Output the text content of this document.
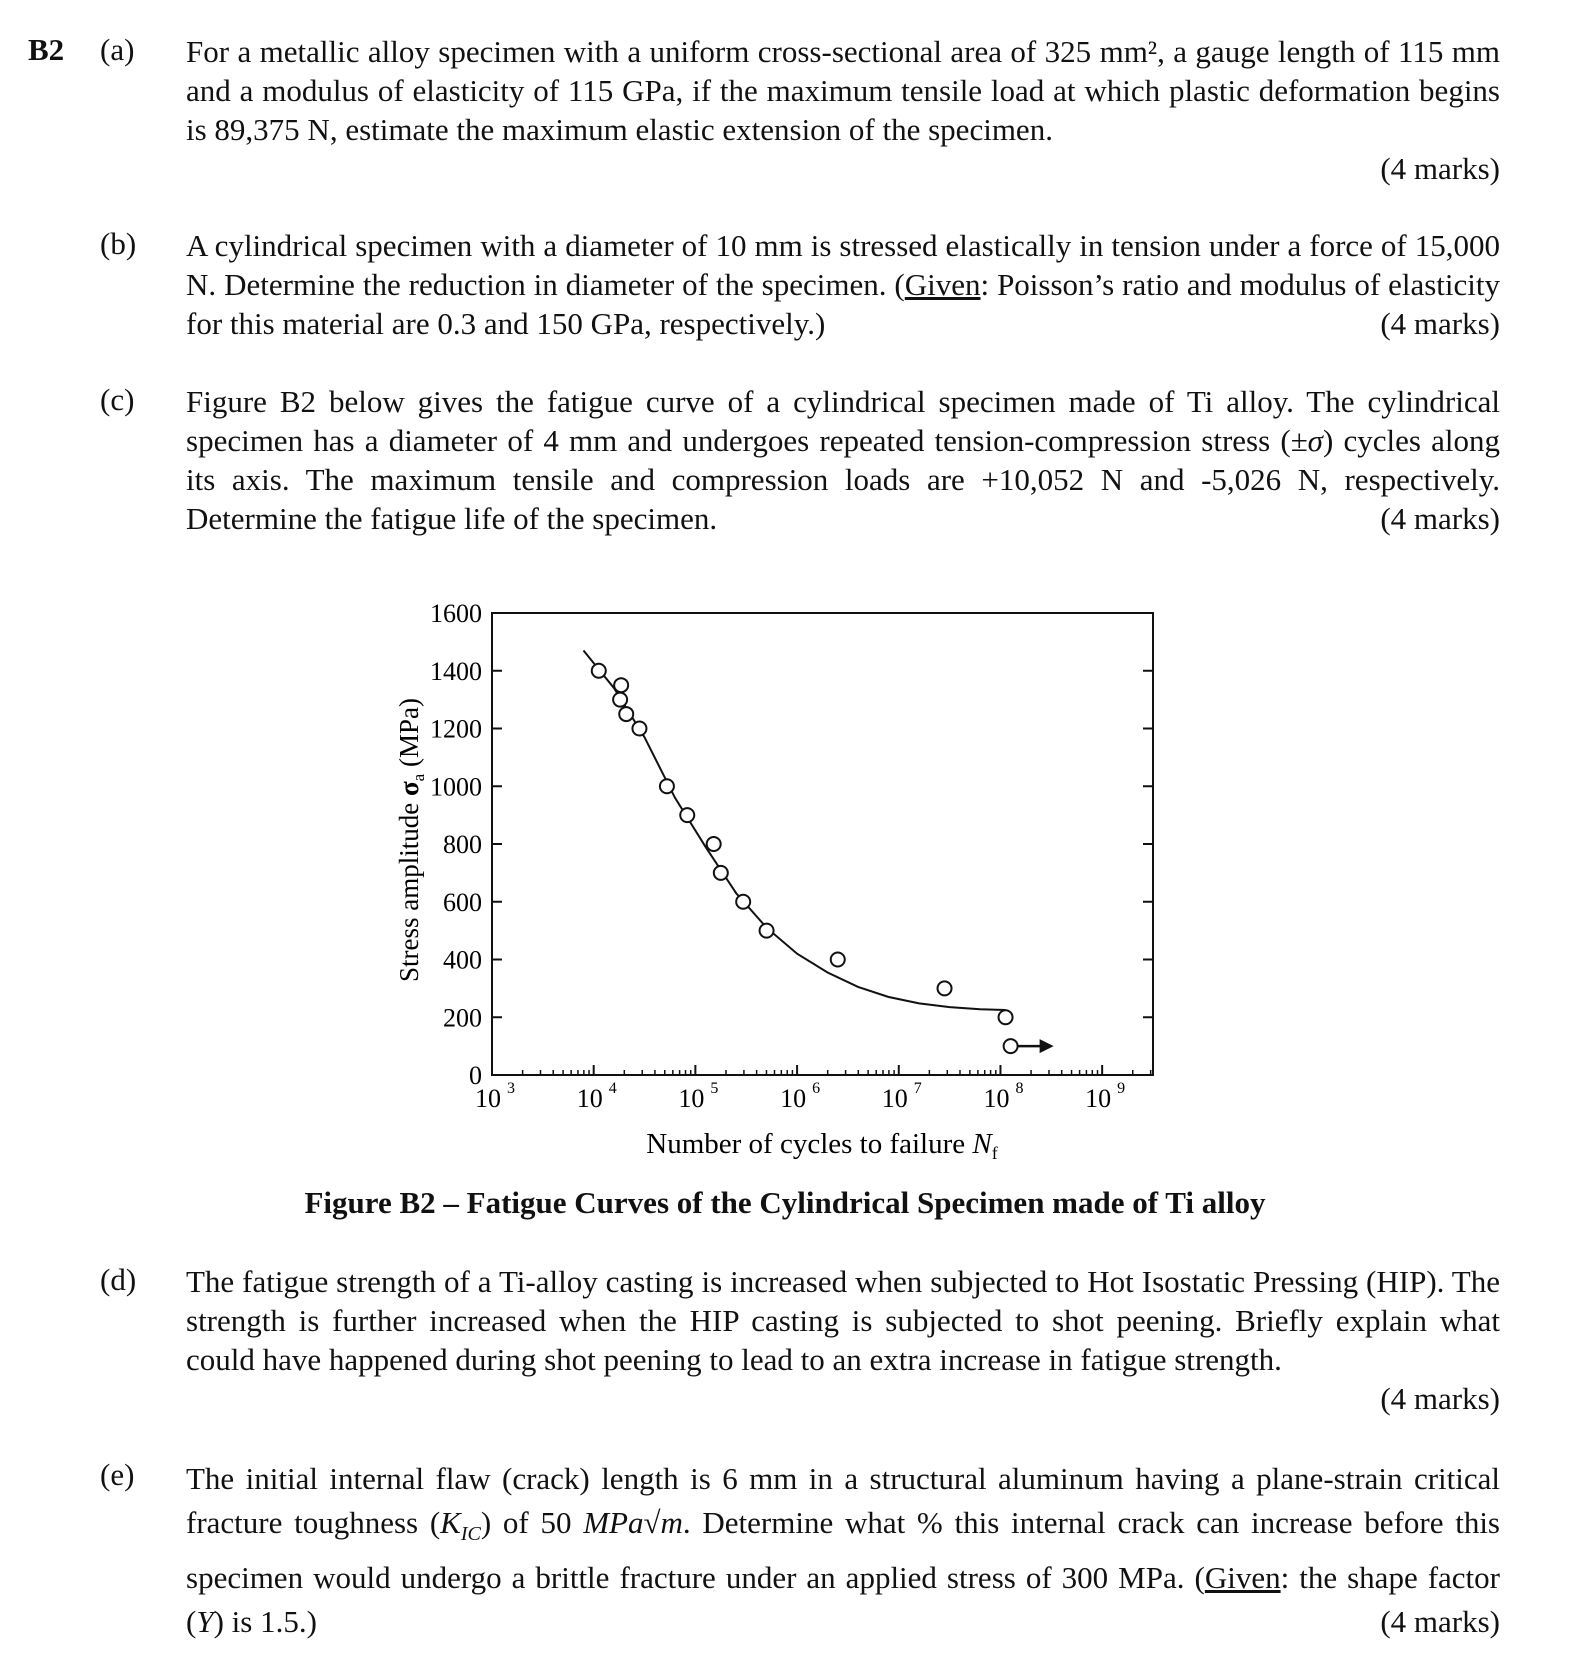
B2 (a) For a metallic alloy specimen with a uniform cross-sectional area of 325 mm², a gauge length of 115 mm and a modulus of elasticity of 115 GPa, if the maximum tensile load at which plastic deformation begins is 89,375 N, estimate the maximum elastic extension of the specimen.
(4 marks)
(b) A cylindrical specimen with a diameter of 10 mm is stressed elastically in tension under a force of 15,000 N. Determine the reduction in diameter of the specimen. (Given: Poisson’s ratio and modulus of elasticity for this material are 0.3 and 150 GPa, respectively.)	(4 marks)
(c) Figure B2 below gives the fatigue curve of a cylindrical specimen made of Ti alloy. The cylindrical specimen has a diameter of 4 mm and undergoes repeated tension-compression stress (±σ) cycles along its axis. The maximum tensile and compression loads are +10,052 N and -5,026 N, respectively. Determine the fatigue life of the specimen.	(4 marks)
0
200
400
600
800
1000
1200
1400
1600
10 3 10 4 10 5 10 6 10 7 10 8 10 9
Number of cycles to failure $N_f$
Stress amplitude $\sigma_a$ (MPa)
Figure B2 – Fatigue Curves of the Cylindrical Specimen made of Ti alloy
(d) The fatigue strength of a Ti-alloy casting is increased when subjected to Hot Isostatic Pressing (HIP). The strength is further increased when the HIP casting is subjected to shot peening. Briefly explain what could have happened during shot peening to lead to an extra increase in fatigue strength.
(4 marks)
(e) The initial internal flaw (crack) length is 6 mm in a structural aluminum having a plane-strain critical fracture toughness $(K_{IC})$ of 50 MPa√m. Determine what % this internal crack can increase before this specimen would undergo a brittle fracture under an applied stress of 300 MPa. (Given: the shape factor (Y) is 1.5.)	(4 marks)
